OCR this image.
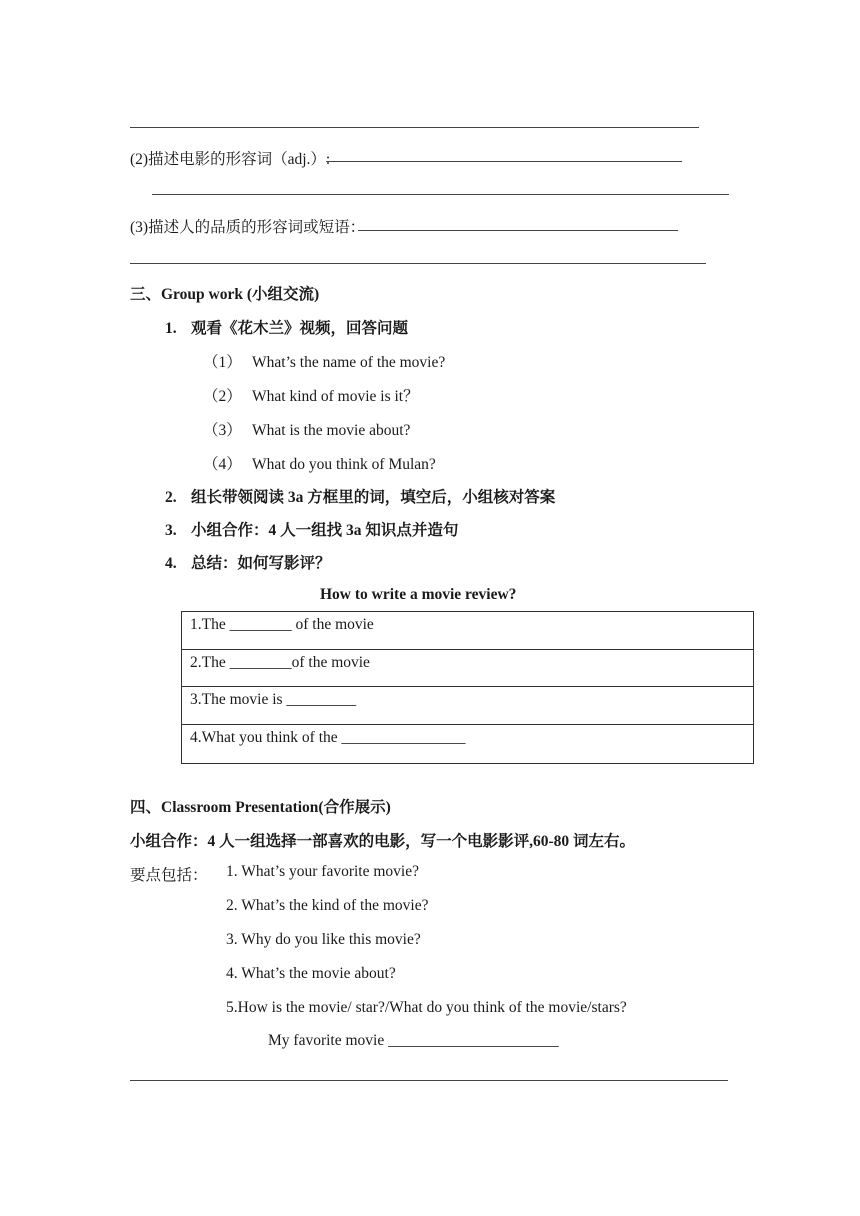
(2)描述电影的形容词（adj.）:
(3)描述人的品质的形容词或短语：
三、Group work (小组交流)
1. 观看《花木兰》视频，回答问题
（1） What’s the name of the movie?
（2） What kind of movie is it？
（3） What is the movie about?
（4） What do you think of Mulan?
2. 组长带领阅读 3a 方框里的词，填空后，小组核对答案
3. 小组合作：4 人一组找 3a 知识点并造句
4. 总结：如何写影评？
How to write a movie review?
1.The ________ of the movie
2.The ________of the movie
3.The movie is _________
4.What you think of the ________________
四、Classroom Presentation(合作展示)
小组合作：4 人一组选择一部喜欢的电影，写一个电影影评,60-80 词左右。
要点包括： 1. What’s your favorite movie?
2. What’s the kind of the movie?
3. Why do you like this movie?
4. What’s the movie about?
5.How is the movie/ star?/What do you think of the movie/stars?
My favorite movie ______________________
